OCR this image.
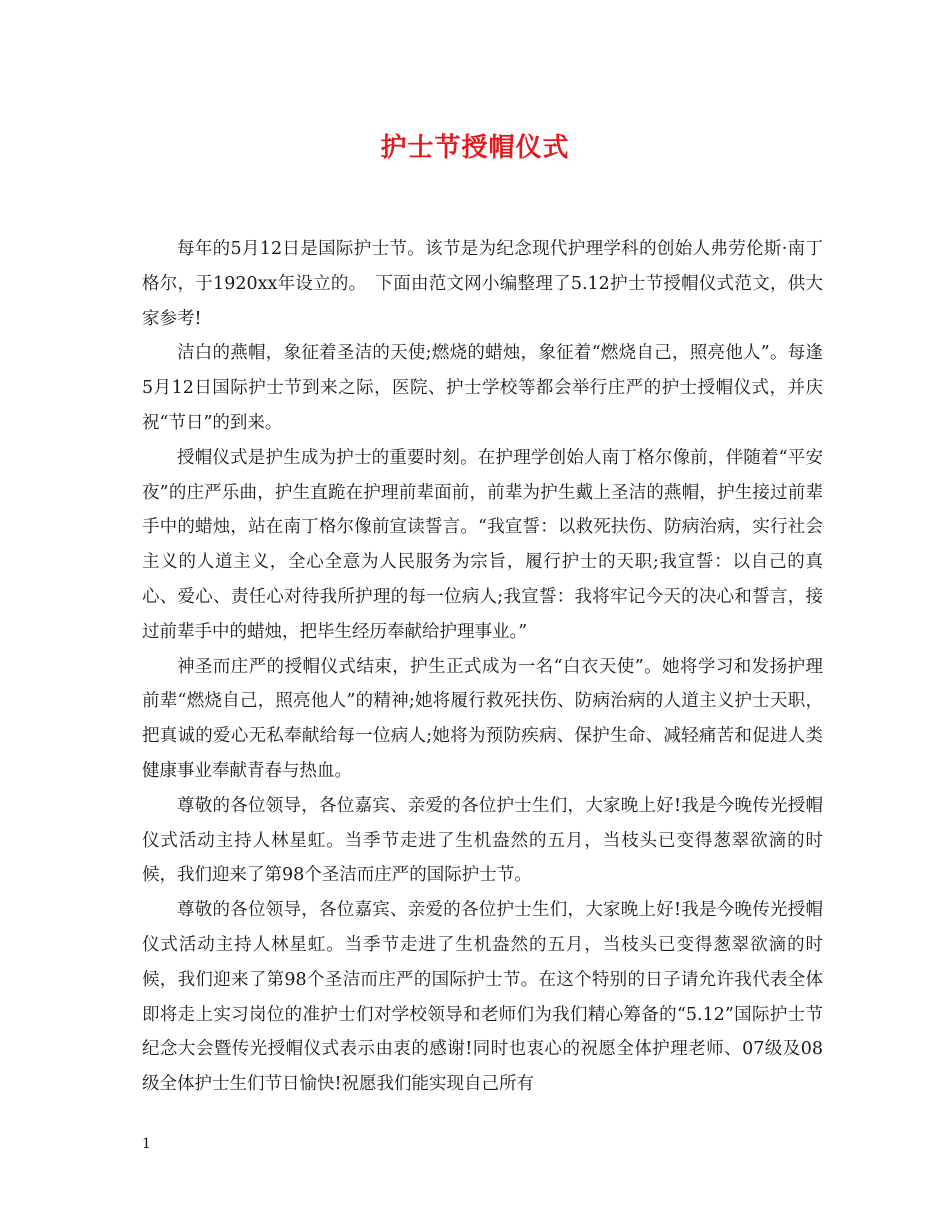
护士节授帽仪式

每年的5月12日是国际护士节。该节是为纪念现代护理学科的创始人弗劳伦斯·南丁格尔，于1920xx年设立的。　下面由范文网小编整理了5.12护士节授帽仪式范文，供大家参考!

洁白的燕帽，象征着圣洁的天使;燃烧的蜡烛，象征着“燃烧自己，照亮他人”。每逢5月12日国际护士节到来之际，医院、护士学校等都会举行庄严的护士授帽仪式，并庆祝“节日”的到来。

授帽仪式是护生成为护士的重要时刻。在护理学创始人南丁格尔像前，伴随着“平安夜”的庄严乐曲，护生直跪在护理前辈面前，前辈为护生戴上圣洁的燕帽，护生接过前辈手中的蜡烛，站在南丁格尔像前宣读誓言。“我宣誓：以救死扶伤、防病治病，实行社会主义的人道主义，全心全意为人民服务为宗旨，履行护士的天职;我宣誓：以自己的真心、爱心、责任心对待我所护理的每一位病人;我宣誓：我将牢记今天的决心和誓言，接过前辈手中的蜡烛，把毕生经历奉献给护理事业。”

神圣而庄严的授帽仪式结束，护生正式成为一名“白衣天使”。她将学习和发扬护理前辈“燃烧自己，照亮他人”的精神;她将履行救死扶伤、防病治病的人道主义护士天职，把真诚的爱心无私奉献给每一位病人;她将为预防疾病、保护生命、减轻痛苦和促进人类健康事业奉献青春与热血。

尊敬的各位领导，各位嘉宾、亲爱的各位护士生们，大家晚上好!我是今晚传光授帽仪式活动主持人林星虹。当季节走进了生机盎然的五月，当枝头已变得葱翠欲滴的时候，我们迎来了第98个圣洁而庄严的国际护士节。

尊敬的各位领导，各位嘉宾、亲爱的各位护士生们，大家晚上好!我是今晚传光授帽仪式活动主持人林星虹。当季节走进了生机盎然的五月，当枝头已变得葱翠欲滴的时候，我们迎来了第98个圣洁而庄严的国际护士节。在这个特别的日子请允许我代表全体即将走上实习岗位的准护士们对学校领导和老师们为我们精心筹备的“5.12”国际护士节纪念大会暨传光授帽仪式表示由衷的感谢!同时也衷心的祝愿全体护理老师、07级及08级全体护士生们节日愉快!祝愿我们能实现自己所有

1
